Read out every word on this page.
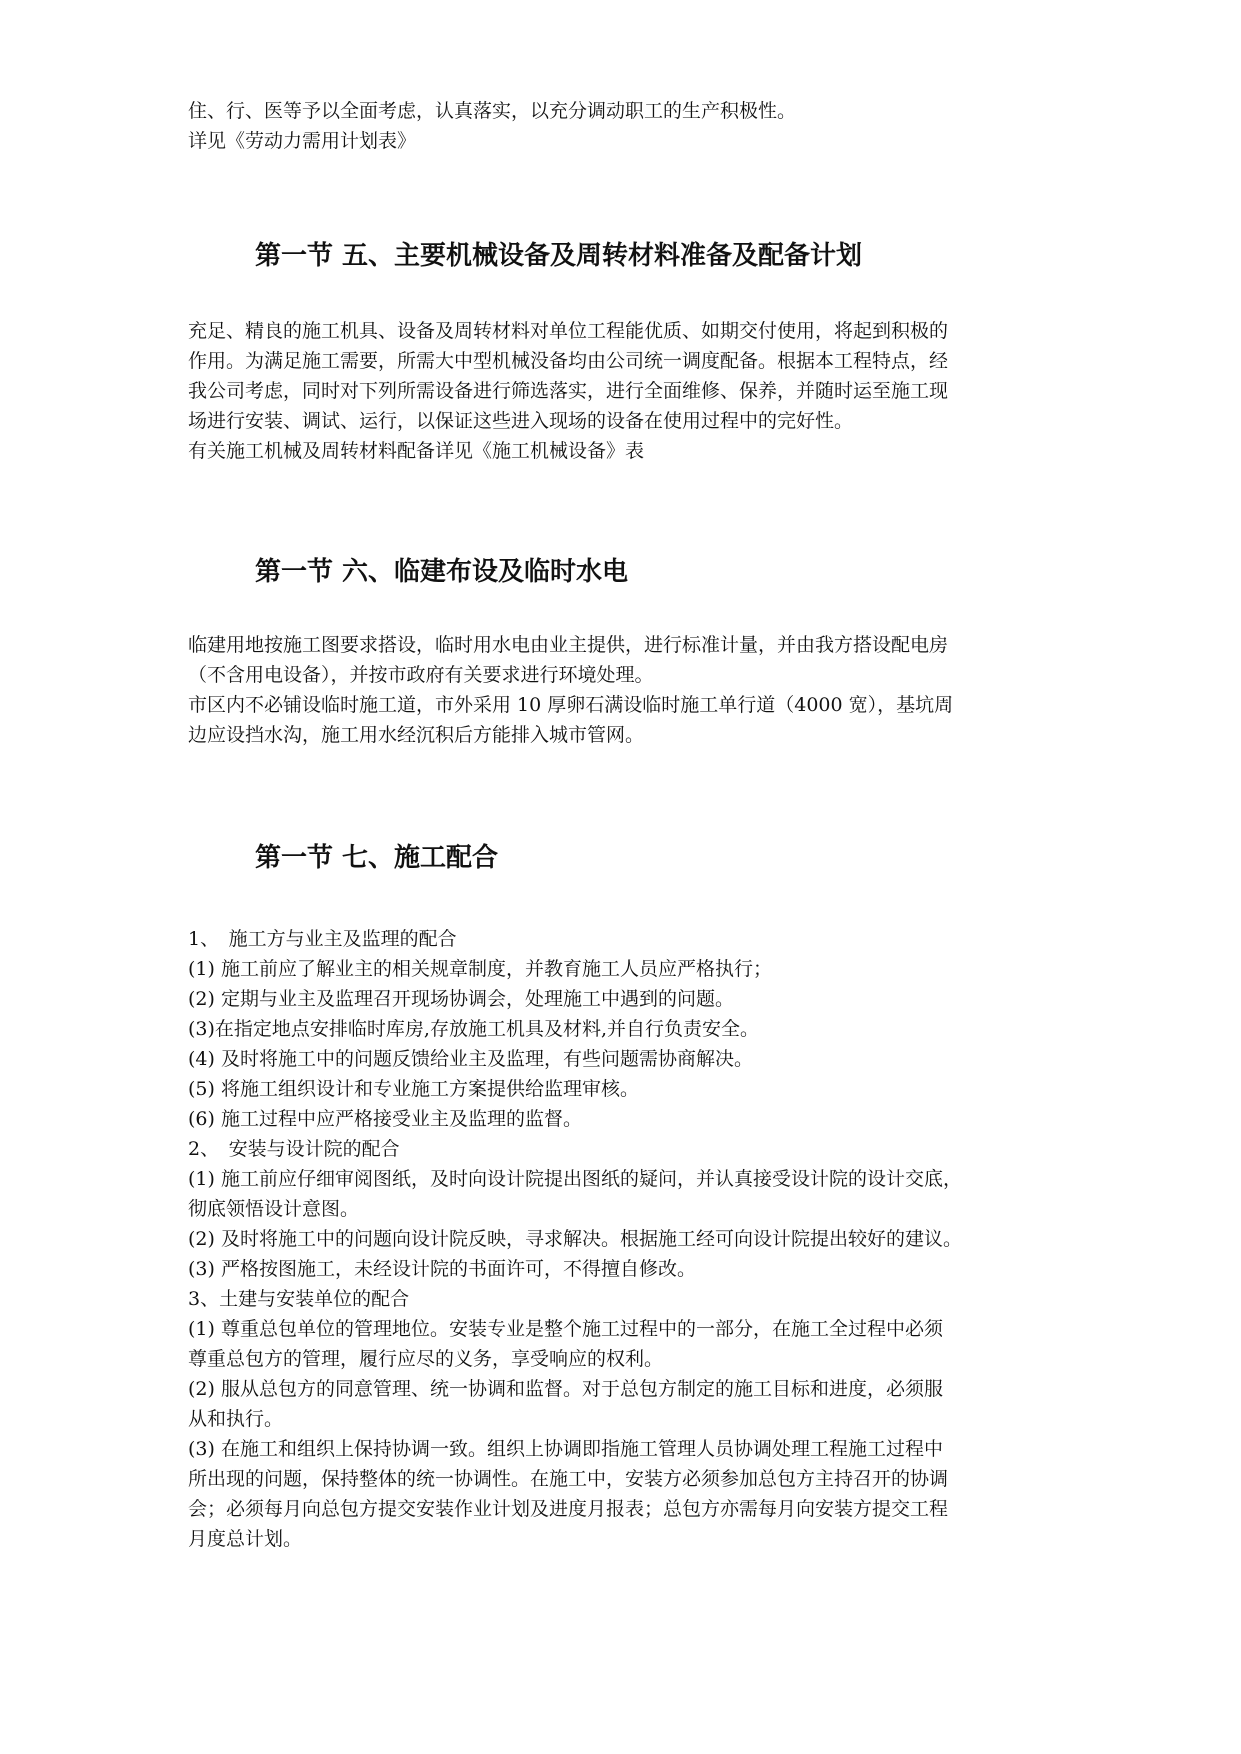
住、行、医等予以全面考虑，认真落实，以充分调动职工的生产积极性。
详见《劳动力需用计划表》
第一节 五、主要机械设备及周转材料准备及配备计划
充足、精良的施工机具、设备及周转材料对单位工程能优质、如期交付使用，将起到积极的
作用。为满足施工需要，所需大中型机械没备均由公司统一调度配备。根据本工程特点，经
我公司考虑，同时对下列所需设备进行筛选落实，进行全面维修、保养，并随时运至施工现
场进行安装、调试、运行，以保证这些进入现场的设备在使用过程中的完好性。
有关施工机械及周转材料配备详见《施工机械设备》表
第一节 六、临建布设及临时水电
临建用地按施工图要求搭设，临时用水电由业主提供，进行标准计量，并由我方搭设配电房
（不含用电设备），并按市政府有关要求进行环境处理。
市区内不必铺设临时施工道，市外采用 10 厚卵石满设临时施工单行道（4000 宽），基坑周
边应设挡水沟，施工用水经沉积后方能排入城市管网。
第一节 七、施工配合
1、　施工方与业主及监理的配合
(1) 施工前应了解业主的相关规章制度，并教育施工人员应严格执行；
(2) 定期与业主及监理召开现场协调会，处理施工中遇到的问题。
(3)在指定地点安排临时库房,存放施工机具及材料,并自行负责安全。
(4) 及时将施工中的问题反馈给业主及监理，有些问题需协商解决。
(5) 将施工组织设计和专业施工方案提供给监理审核。
(6) 施工过程中应严格接受业主及监理的监督。
2、　安装与设计院的配合
(1) 施工前应仔细审阅图纸，及时向设计院提出图纸的疑问，并认真接受设计院的设计交底，
彻底领悟设计意图。
(2) 及时将施工中的问题向设计院反映，寻求解决。根据施工经可向设计院提出较好的建议。
(3) 严格按图施工，未经设计院的书面许可，不得擅自修改。
3、土建与安装单位的配合
(1) 尊重总包单位的管理地位。安装专业是整个施工过程中的一部分，在施工全过程中必须
尊重总包方的管理，履行应尽的义务，享受响应的权利。
(2) 服从总包方的同意管理、统一协调和监督。对于总包方制定的施工目标和进度，必须服
从和执行。
(3) 在施工和组织上保持协调一致。组织上协调即指施工管理人员协调处理工程施工过程中
所出现的问题，保持整体的统一协调性。在施工中，安装方必须参加总包方主持召开的协调
会；必须每月向总包方提交安装作业计划及进度月报表；总包方亦需每月向安装方提交工程
月度总计划。
